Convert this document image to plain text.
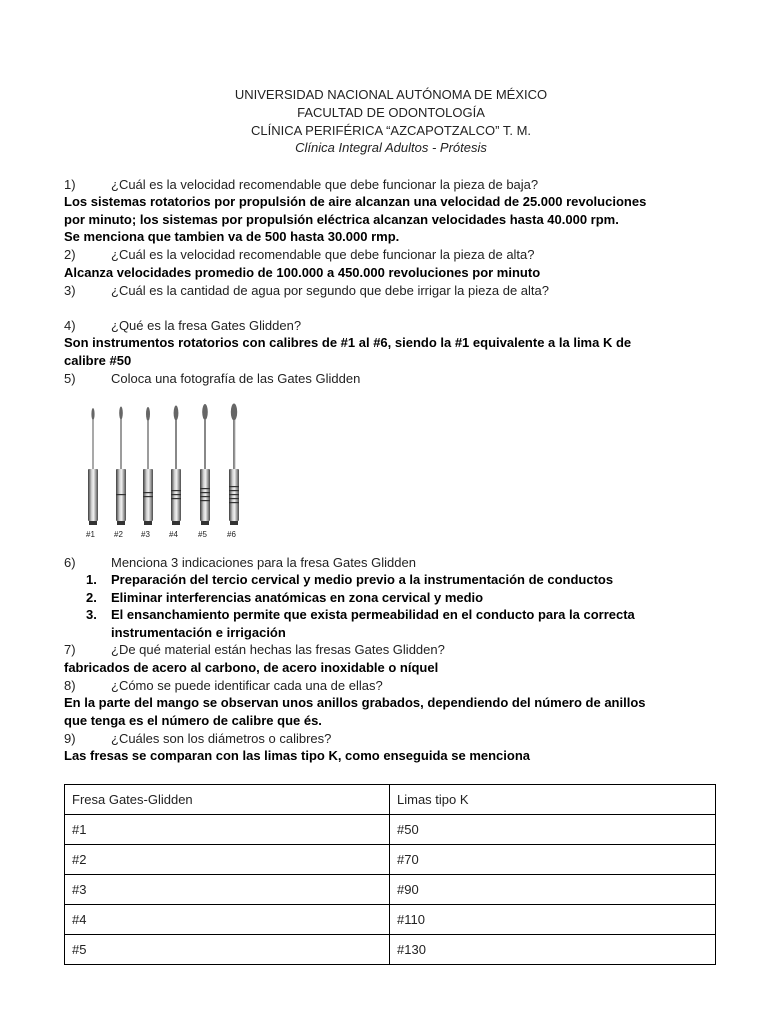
UNIVERSIDAD NACIONAL AUTÓNOMA DE MÉXICO
FACULTAD DE ODONTOLOGÍA
CLÍNICA PERIFÉRICA “AZCAPOTZALCO” T. M.
Clínica Integral Adultos - Prótesis
1)	¿Cuál es la velocidad recomendable que debe funcionar la pieza de baja?
Los sistemas rotatorios por propulsión de aire alcanzan una velocidad de 25.000 revoluciones
por minuto; los sistemas por propulsión eléctrica alcanzan velocidades hasta 40.000 rpm.
Se menciona que tambien va de 500 hasta 30.000 rmp.
2)	¿Cuál es la velocidad recomendable que debe funcionar la pieza de alta?
Alcanza velocidades promedio de 100.000 a 450.000 revoluciones por minuto
3)	¿Cuál es la cantidad de agua por segundo que debe irrigar la pieza de alta?
4)	¿Qué es la fresa Gates Glidden?
Son instrumentos rotatorios con calibres de #1 al #6, siendo la #1 equivalente a la lima K de
calibre #50
5)	Coloca una fotografía de las Gates Glidden
#1 #2 #3 #4	#5	#6
6)	Menciona 3 indicaciones para la fresa Gates Glidden
1. Preparación del tercio cervical y medio previo a la instrumentación de conductos
2. Eliminar interferencias anatómicas en zona cervical y medio
3. El ensanchamiento permite que exista permeabilidad en el conducto para la correcta
instrumentación e irrigación
7)	¿De qué material están hechas las fresas Gates Glidden?
fabricados de acero al carbono, de acero inoxidable o níquel
8)	¿Cómo se puede identificar cada una de ellas?
En la parte del mango se observan unos anillos grabados, dependiendo del número de anillos
que tenga es el número de calibre que és.
9)	¿Cuáles son los diámetros o calibres?
Las fresas se comparan con las limas tipo K, como enseguida se menciona
Fresa Gates-Glidden	Limas tipo K
#1	#50
#2	#70
#3	#90
#4	#110
#5	#130
